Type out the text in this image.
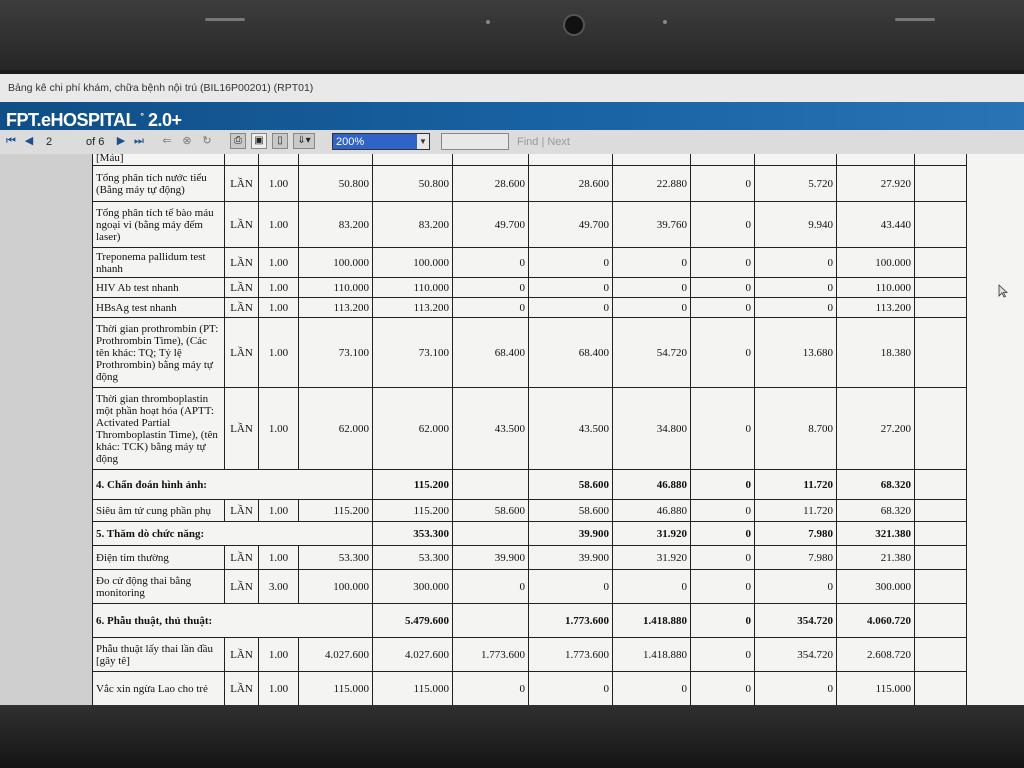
Bảng kê chi phí khám, chữa bệnh nội trú (BIL16P00201) (RPT01)
FPT.eHOSPITAL ° 2.0+
⏮ ◀ 2	of 6 ▶ ⏭ ⇐ ⊗ ↻	⎙	▣	▯	⇓▾	200%	▼	Find | Next
[Máu]											
Tổng phân tích nước tiểu (Bằng máy tự động)	LẦN	1.00	50.800	50.800	28.600	28.600	22.880	0	5.720	27.920	
Tổng phân tích tế bào máu ngoại vi (bằng máy đếm laser)	LẦN	1.00	83.200	83.200	49.700	49.700	39.760	0	9.940	43.440	
Treponema pallidum test nhanh	LẦN	1.00	100.000	100.000	0	0	0	0	0	100.000	
HIV Ab test nhanh	LẦN	1.00	110.000	110.000	0	0	0	0	0	110.000	
HBsAg test nhanh	LẦN	1.00	113.200	113.200	0	0	0	0	0	113.200	
Thời gian prothrombin (PT: Prothrombin Time), (Các tên khác: TQ; Tỷ lệ Prothrombin) bằng máy tự động	LẦN	1.00	73.100	73.100	68.400	68.400	54.720	0	13.680	18.380	
Thời gian thromboplastin một phần hoạt hóa (APTT: Activated Partial Thromboplastin Time), (tên khác: TCK) bằng máy tự động	LẦN	1.00	62.000	62.000	43.500	43.500	34.800	0	8.700	27.200	
4. Chẩn đoán hình ảnh:				115.200		58.600	46.880	0	11.720	68.320	
Siêu âm tử cung phần phụ	LẦN	1.00	115.200	115.200	58.600	58.600	46.880	0	11.720	68.320	
5. Thăm dò chức năng:				353.300		39.900	31.920	0	7.980	321.380	
Điện tim thường	LẦN	1.00	53.300	53.300	39.900	39.900	31.920	0	7.980	21.380	
Đo cử động thai bằng monitoring	LẦN	3.00	100.000	300.000	0	0	0	0	0	300.000	
6. Phẫu thuật, thủ thuật:				5.479.600		1.773.600	1.418.880	0	354.720	4.060.720	
Phẫu thuật lấy thai lần đầu [gây tê]	LẦN	1.00	4.027.600	4.027.600	1.773.600	1.773.600	1.418.880	0	354.720	2.608.720	
Vắc xin ngừa Lao cho trẻ	LẦN	1.00	115.000	115.000	0	0	0	0	0	115.000	
